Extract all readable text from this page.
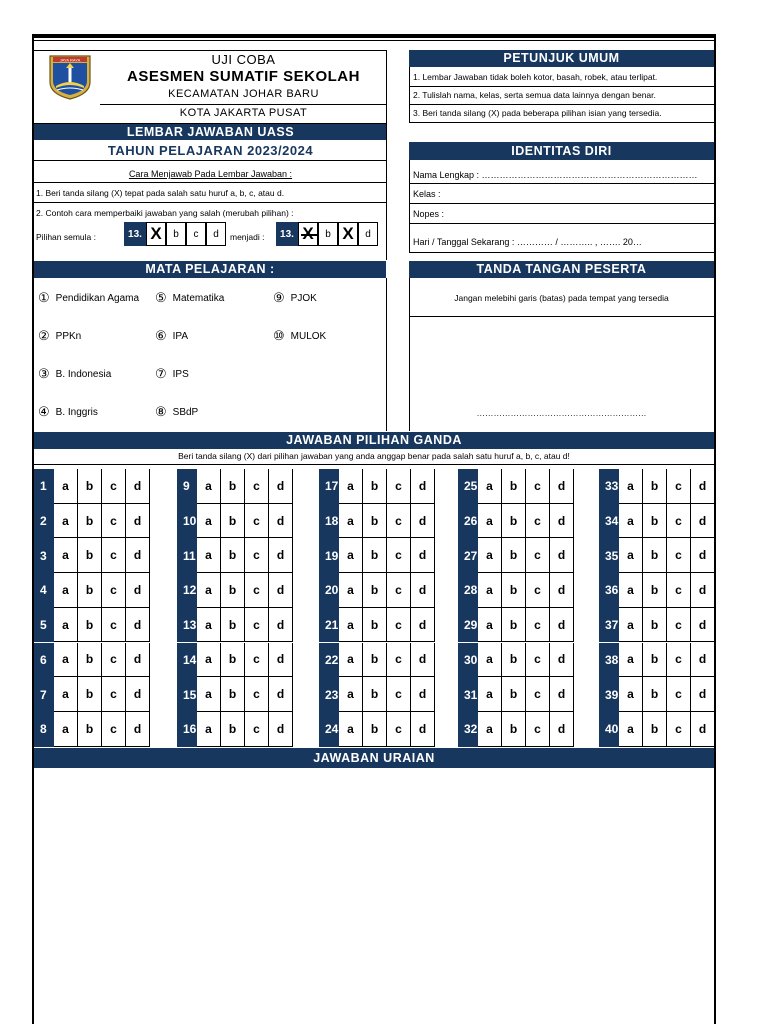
JAYA RAYA	UJI COBA
ASESMEN SUMATIF SEKOLAH
KECAMATAN JOHAR BARU
KOTA JAKARTA PUSAT
LEMBAR JAWABAN UASS
TAHUN PELAJARAN 2023/2024
Cara Menjawab Pada Lembar Jawaban :
1. Beri tanda silang (X) tepat pada salah satu huruf a, b, c, atau d.
2. Contoh cara memperbaiki jawaban yang salah (merubah pilihan) :
Pilihan semula :	13. X	b	c	d	menjadi :	13.	b X	d
PETUNJUK UMUM
1. Lembar Jawaban tidak boleh kotor, basah, robek, atau terlipat.
2. Tulislah nama, kelas, serta semua data lainnya dengan benar.
3. Beri tanda silang (X) pada beberapa pilihan isian yang tersedia.
IDENTITAS DIRI
Nama Lengkap : ………………………………………………………………
Kelas :
Nopes :
Hari / Tanggal Sekarang : ………… / ……….. , ……. 20…
MATA PELAJARAN :
① Pendidikan Agama
② PPKn
③ B. Indonesia
④ B. Inggris
⑤ Matematika
⑥ IPA
⑦ IPS
⑧ SBdP
⑨ PJOK
⑩ MULOK
TANDA TANGAN PESERTA
Jangan melebihi garis (batas) pada tempat yang tersedia
……………………………………………………
JAWABAN PILIHAN GANDA
Beri tanda silang (X) dari pilihan jawaban yang anda anggap benar pada salah satu huruf a, b, c, atau d!
1	a	b	c	d
2	a	b	c	d
3	a	b	c	d
4	a	b	c	d
5	a	b	c	d
6	a	b	c	d
7	a	b	c	d
8	a	b	c	d
9	a	b	c	d
10 a	b	c	d
11 a	b	c	d
12 a	b	c	d
13 a	b	c	d
14 a	b	c	d
15 a	b	c	d
16 a	b	c	d
17 a	b	c	d
18 a	b	c	d
19 a	b	c	d
20 a	b	c	d
21 a	b	c	d
22 a	b	c	d
23 a	b	c	d
24 a	b	c	d
25 a	b	c	d
26 a	b	c	d
27 a	b	c	d
28 a	b	c	d
29 a	b	c	d
30 a	b	c	d
31 a	b	c	d
32 a	b	c	d
33 a	b	c	d
34 a	b	c	d
35 a	b	c	d
36 a	b	c	d
37 a	b	c	d
38 a	b	c	d
39 a	b	c	d
40 a	b	c	d
JAWABAN URAIAN
